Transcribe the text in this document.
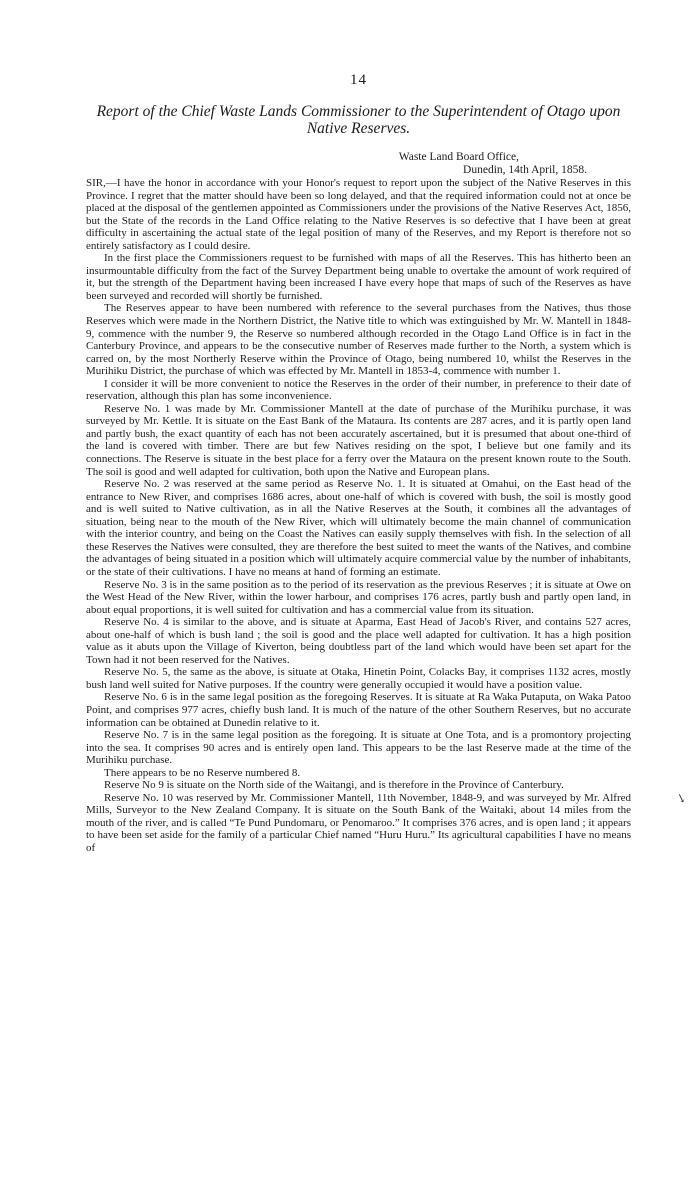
14
Report of the Chief Waste Lands Commissioner to the Superintendent of Otago upon Native Reserves.
Waste Land Board Office,
Dunedin, 14th April, 1858.

SIR,—I have the honor in accordance with your Honor's request to report upon the subject of the Native Reserves in this Province. I regret that the matter should have been so long delayed, and that the required information could not at once be placed at the disposal of the gentlemen appointed as Commissioners under the provisions of the Native Reserves Act, 1856, but the State of the records in the Land Office relating to the Native Reserves is so defective that I have been at great difficulty in ascertaining the actual state of the legal position of many of the Reserves, and my Report is therefore not so entirely satisfactory as I could desire.

In the first place the Commissioners request to be furnished with maps of all the Reserves. This has hitherto been an insurmountable difficulty from the fact of the Survey Department being unable to overtake the amount of work required of it, but the strength of the Department having been increased I have every hope that maps of such of the Reserves as have been surveyed and recorded will shortly be furnished.

The Reserves appear to have been numbered with reference to the several purchases from the Natives, thus those Reserves which were made in the Northern District, the Native title to which was extinguished by Mr. W. Mantell in 1848-9, commence with the number 9, the Reserve so numbered although recorded in the Otago Land Office is in fact in the Canterbury Province, and appears to be the consecutive number of Reserves made further to the North, a system which is carred on, by the most Northerly Reserve within the Province of Otago, being numbered 10, whilst the Reserves in the Murihiku District, the purchase of which was effected by Mr. Mantell in 1853-4, commence with number 1.

I consider it will be more convenient to notice the Reserves in the order of their number, in preference to their date of reservation, although this plan has some inconvenience.

Reserve No. 1 was made by Mr. Commissioner Mantell at the date of purchase of the Murihiku purchase, it was surveyed by Mr. Kettle. It is situate on the East Bank of the Mataura. Its contents are 287 acres, and it is partly open land and partly bush, the exact quantity of each has not been accurately ascertained, but it is presumed that about one-third of the land is covered with timber. There are but few Natives residing on the spot, I believe but one family and its connections. The Reserve is situate in the best place for a ferry over the Mataura on the present known route to the South. The soil is good and well adapted for cultivation, both upon the Native and European plans.

Reserve No. 2 was reserved at the same period as Reserve No. 1. It is situated at Omahui, on the East head of the entrance to New River, and comprises 1686 acres, about one-half of which is covered with bush, the soil is mostly good and is well suited to Native cultivation, as in all the Native Reserves at the South, it combines all the advantages of situation, being near to the mouth of the New River, which will ultimately become the main channel of communication with the interior country, and being on the Coast the Natives can easily supply themselves with fish. In the selection of all these Reserves the Natives were consulted, they are therefore the best suited to meet the wants of the Natives, and combine the advantages of being situated in a position which will ultimately acquire commercial value by the number of inhabitants, or the state of their cultivations. I have no means at hand of forming an estimate.

Reserve No. 3 is in the same position as to the period of its reservation as the previous Reserves ; it is situate at Owe on the West Head of the New River, within the lower harbour, and comprises 176 acres, partly bush and partly open land, in about equal proportions, it is well suited for cultivation and has a commercial value from its situation.

Reserve No. 4 is similar to the above, and is situate at Aparma, East Head of Jacob's River, and contains 527 acres, about one-half of which is bush land ; the soil is good and the place well adapted for cultivation. It has a high position value as it abuts upon the Village of Kiverton, being doubtless part of the land which would have been set apart for the Town had it not been reserved for the Natives.

Reserve No. 5, the same as the above, is situate at Otaka, Hinetin Point, Colacks Bay, it comprises 1132 acres, mostly bush land well suited for Native purposes. If the country were generally occupied it would have a position value.

Reserve No. 6 is in the same legal position as the foregoing Reserves. It is situate at Ra Waka Putaputa, on Waka Patoo Point, and comprises 977 acres, chiefly bush land. It is much of the nature of the other Southern Reserves, but no accurate information can be obtained at Dunedin relative to it.

Reserve No. 7 is in the same legal position as the foregoing. It is situate at One Tota, and is a promontory projecting into the sea. It comprises 90 acres and is entirely open land. This appears to be the last Reserve made at the time of the Murihiku purchase.

There appears to be no Reserve numbered 8.

Reserve No 9 is situate on the North side of the Waitangi, and is therefore in the Province of Canterbury.

Reserve No. 10 was reserved by Mr. Commissioner Mantell, 11th November, 1848-9, and was surveyed by Mr. Alfred Mills, Surveyor to the New Zealand Company. It is situate on the South Bank of the Waitaki, about 14 miles from the mouth of the river, and is called “Te Pund Pundomaru, or Penomaroo.” It comprises 376 acres, and is open land ; it appears to have been set aside for the family of a particular Chief named “Huru Huru.” Its agricultural capabilities I have no means of

↘
